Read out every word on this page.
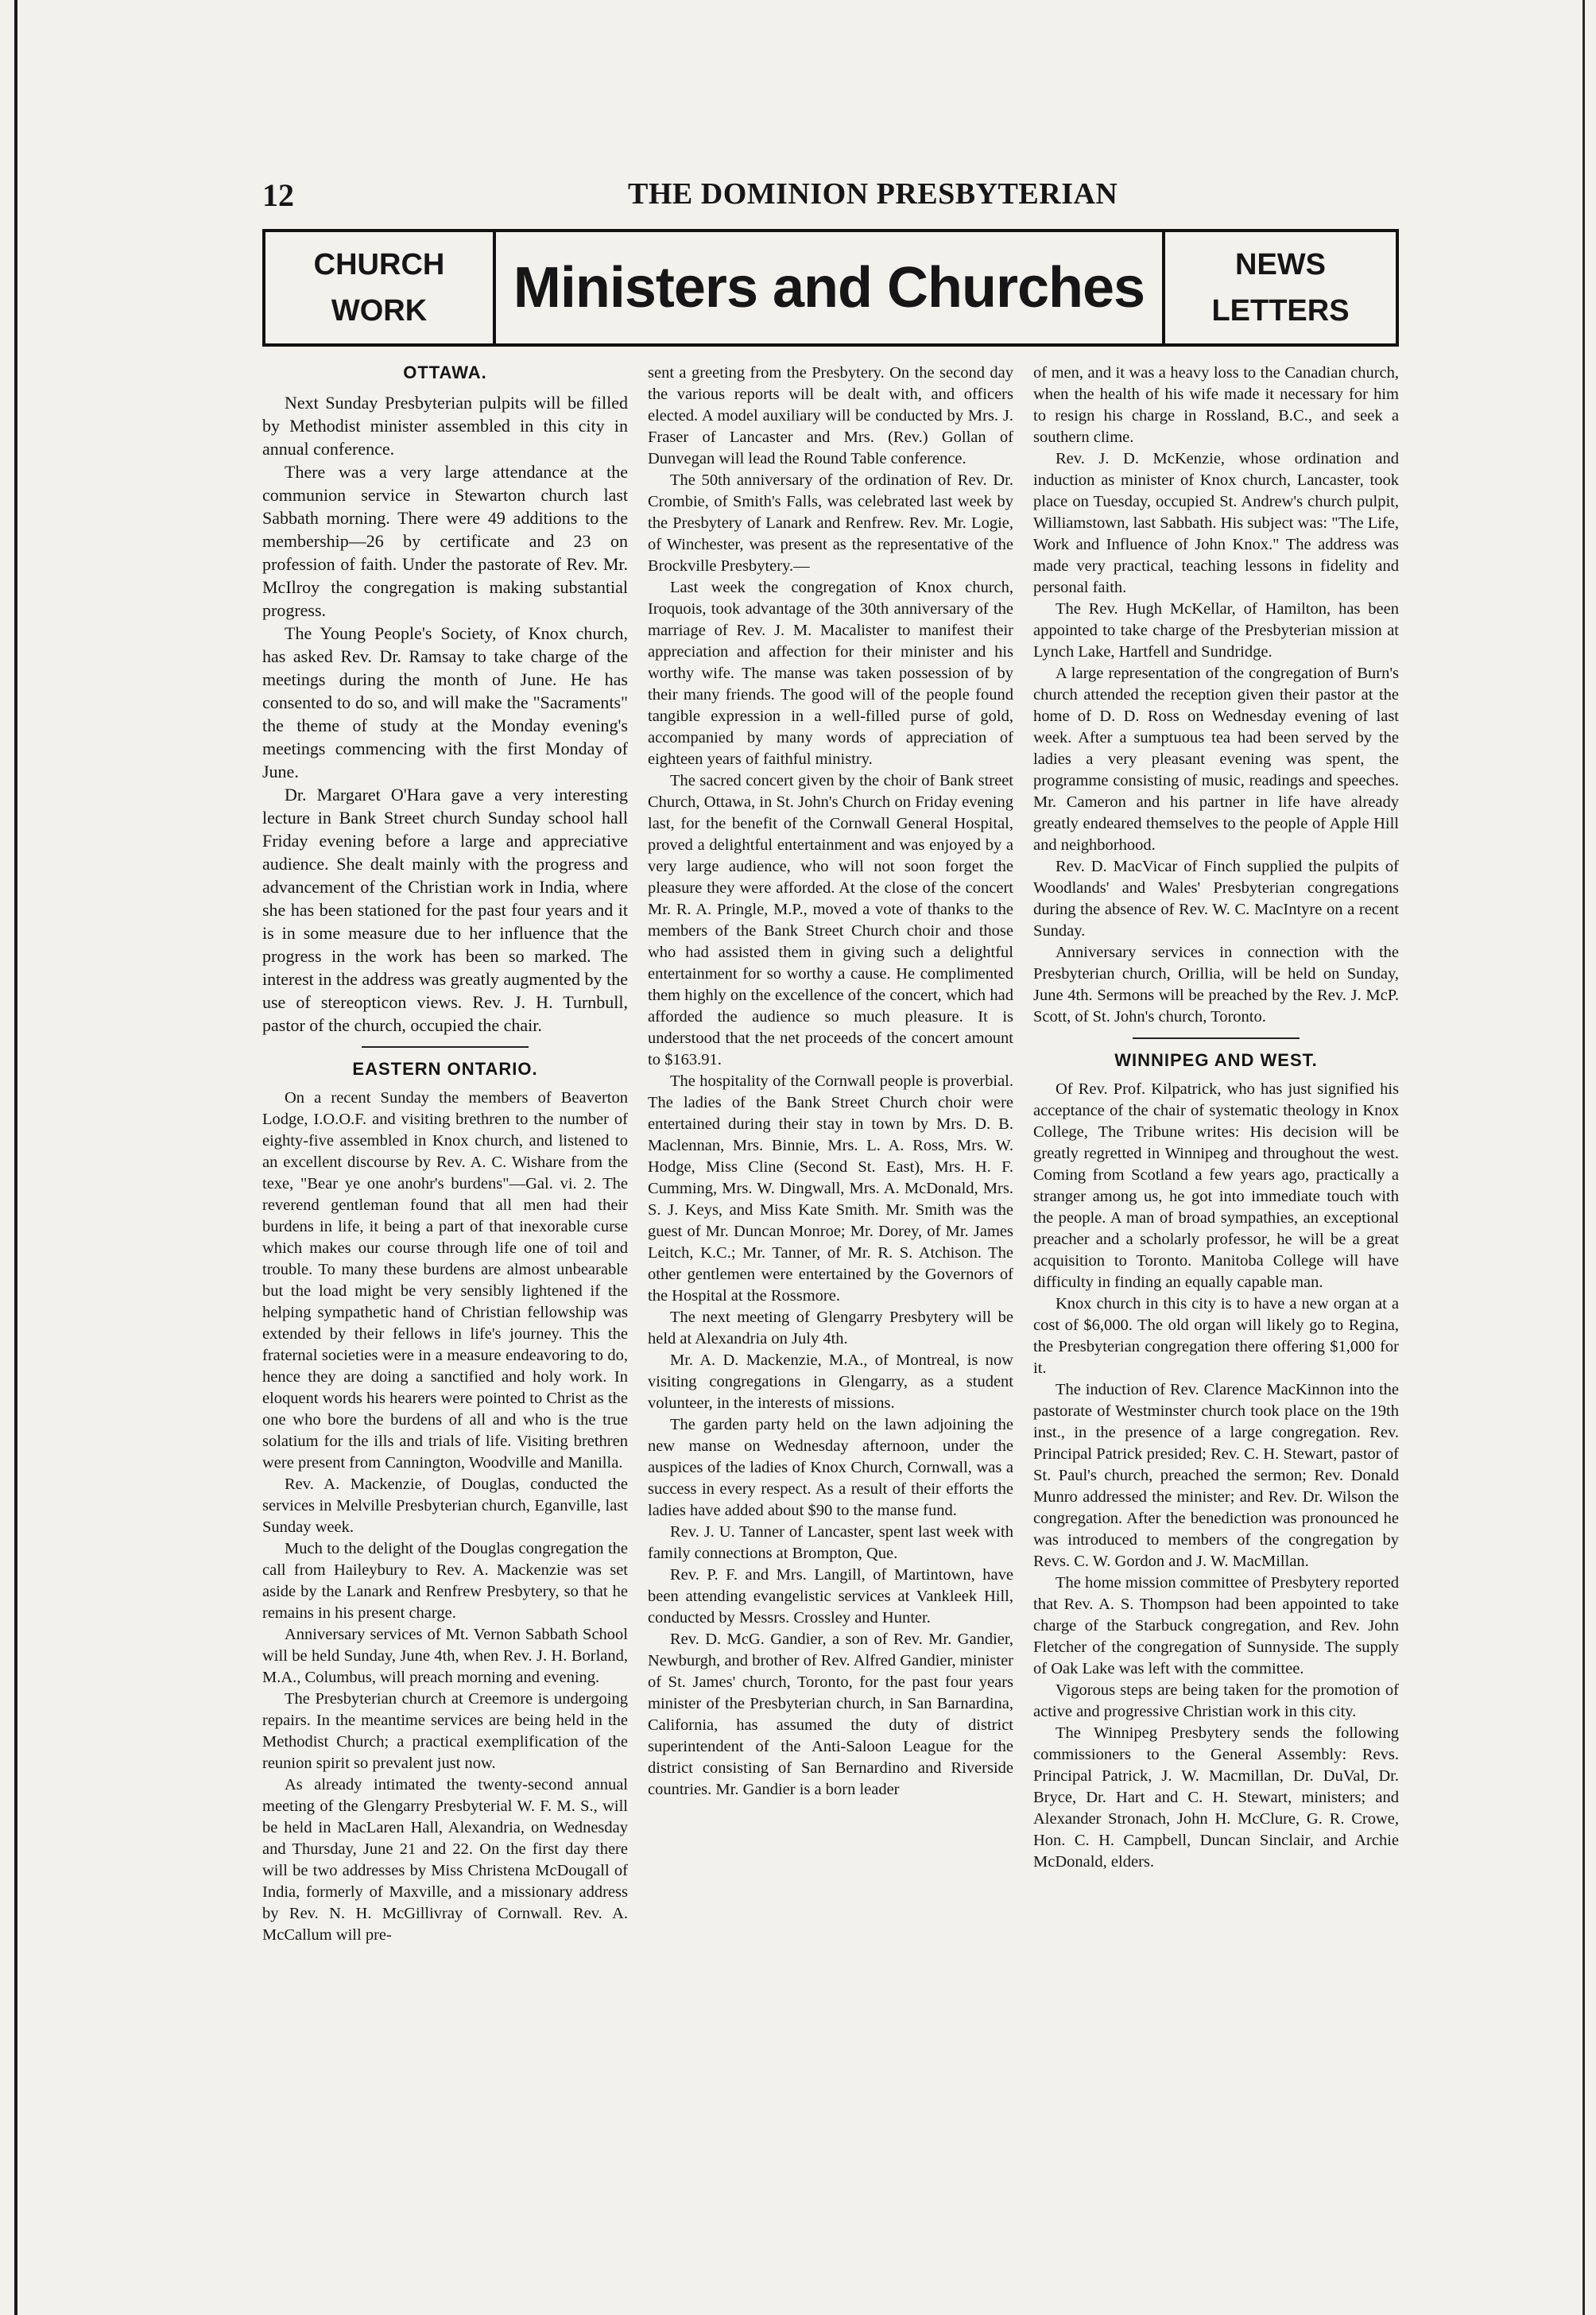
12	THE DOMINION PRESBYTERIAN
CHURCH
WORK	Ministers and Churches	NEWS
LETTERS
OTTAWA.

Next Sunday Presbyterian pulpits will be filled by Methodist minister assembled in this city in annual conference.

There was a very large attendance at the communion service in Stewarton church last Sabbath morning. There were 49 additions to the membership—26 by certificate and 23 on profession of faith. Under the pastorate of Rev. Mr. McIlroy the congregation is making substantial progress.

The Young People's Society, of Knox church, has asked Rev. Dr. Ramsay to take charge of the meetings during the month of June. He has consented to do so, and will make the "Sacraments" the theme of study at the Monday evening's meetings commencing with the first Monday of June.

Dr. Margaret O'Hara gave a very interesting lecture in Bank Street church Sunday school hall Friday evening before a large and appreciative audience. She dealt mainly with the progress and advancement of the Christian work in India, where she has been stationed for the past four years and it is in some measure due to her influence that the progress in the work has been so marked. The interest in the address was greatly augmented by the use of stereopticon views. Rev. J. H. Turnbull, pastor of the church, occupied the chair.

EASTERN ONTARIO.

On a recent Sunday the members of Beaverton Lodge, I.O.O.F. and visiting brethren to the number of eighty-five assembled in Knox church, and listened to an excellent discourse by Rev. A. C. Wishare from the texe, "Bear ye one anohr's burdens"—Gal. vi. 2. The reverend gentleman found that all men had their burdens in life, it being a part of that inexorable curse which makes our course through life one of toil and trouble. To many these burdens are almost unbearable but the load might be very sensibly lightened if the helping sympathetic hand of Christian fellowship was extended by their fellows in life's journey. This the fraternal societies were in a measure endeavoring to do, hence they are doing a sanctified and holy work. In eloquent words his hearers were pointed to Christ as the one who bore the burdens of all and who is the true solatium for the ills and trials of life. Visiting brethren were present from Cannington, Woodville and Manilla.

Rev. A. Mackenzie, of Douglas, conducted the services in Melville Presbyterian church, Eganville, last Sunday week.

Much to the delight of the Douglas congregation the call from Haileybury to Rev. A. Mackenzie was set aside by the Lanark and Renfrew Presbytery, so that he remains in his present charge.

Anniversary services of Mt. Vernon Sabbath School will be held Sunday, June 4th, when Rev. J. H. Borland, M.A., Columbus, will preach morning and evening.

The Presbyterian church at Creemore is undergoing repairs. In the meantime services are being held in the Methodist Church; a practical exemplification of the reunion spirit so prevalent just now.

As already intimated the twenty-second annual meeting of the Glengarry Presbyterial W. F. M. S., will be held in MacLaren Hall, Alexandria, on Wednesday and Thursday, June 21 and 22. On the first day there will be two addresses by Miss Christena McDougall of India, formerly of Maxville, and a missionary address by Rev. N. H. McGillivray of Cornwall. Rev. A. McCallum will pre-

sent a greeting from the Presbytery. On the second day the various reports will be dealt with, and officers elected. A model auxiliary will be conducted by Mrs. J. Fraser of Lancaster and Mrs. (Rev.) Gollan of Dunvegan will lead the Round Table conference.

The 50th anniversary of the ordination of Rev. Dr. Crombie, of Smith's Falls, was celebrated last week by the Presbytery of Lanark and Renfrew. Rev. Mr. Logie, of Winchester, was present as the representative of the Brockville Presbytery.—

Last week the congregation of Knox church, Iroquois, took advantage of the 30th anniversary of the marriage of Rev. J. M. Macalister to manifest their appreciation and affection for their minister and his worthy wife. The manse was taken possession of by their many friends. The good will of the people found tangible expression in a well-filled purse of gold, accompanied by many words of appreciation of eighteen years of faithful ministry.

The sacred concert given by the choir of Bank street Church, Ottawa, in St. John's Church on Friday evening last, for the benefit of the Cornwall General Hospital, proved a delightful entertainment and was enjoyed by a very large audience, who will not soon forget the pleasure they were afforded. At the close of the concert Mr. R. A. Pringle, M.P., moved a vote of thanks to the members of the Bank Street Church choir and those who had assisted them in giving such a delightful entertainment for so worthy a cause. He complimented them highly on the excellence of the concert, which had afforded the audience so much pleasure. It is understood that the net proceeds of the concert amount to $163.91.

The hospitality of the Cornwall people is proverbial. The ladies of the Bank Street Church choir were entertained during their stay in town by Mrs. D. B. Maclennan, Mrs. Binnie, Mrs. L. A. Ross, Mrs. W. Hodge, Miss Cline (Second St. East), Mrs. H. F. Cumming, Mrs. W. Dingwall, Mrs. A. McDonald, Mrs. S. J. Keys, and Miss Kate Smith. Mr. Smith was the guest of Mr. Duncan Monroe; Mr. Dorey, of Mr. James Leitch, K.C.; Mr. Tanner, of Mr. R. S. Atchison. The other gentlemen were entertained by the Governors of the Hospital at the Rossmore.

The next meeting of Glengarry Presbytery will be held at Alexandria on July 4th.

Mr. A. D. Mackenzie, M.A., of Montreal, is now visiting congregations in Glengarry, as a student volunteer, in the interests of missions.

The garden party held on the lawn adjoining the new manse on Wednesday afternoon, under the auspices of the ladies of Knox Church, Cornwall, was a success in every respect. As a result of their efforts the ladies have added about $90 to the manse fund.

Rev. J. U. Tanner of Lancaster, spent last week with family connections at Brompton, Que.

Rev. P. F. and Mrs. Langill, of Martintown, have been attending evangelistic services at Vankleek Hill, conducted by Messrs. Crossley and Hunter.

Rev. D. McG. Gandier, a son of Rev. Mr. Gandier, Newburgh, and brother of Rev. Alfred Gandier, minister of St. James' church, Toronto, for the past four years minister of the Presbyterian church, in San Barnardina, California, has assumed the duty of district superintendent of the Anti-Saloon League for the district consisting of San Bernardino and Riverside countries. Mr. Gandier is a born leader

of men, and it was a heavy loss to the Canadian church, when the health of his wife made it necessary for him to resign his charge in Rossland, B.C., and seek a southern clime.

Rev. J. D. McKenzie, whose ordination and induction as minister of Knox church, Lancaster, took place on Tuesday, occupied St. Andrew's church pulpit, Williamstown, last Sabbath. His subject was: "The Life, Work and Influence of John Knox." The address was made very practical, teaching lessons in fidelity and personal faith.

The Rev. Hugh McKellar, of Hamilton, has been appointed to take charge of the Presbyterian mission at Lynch Lake, Hartfell and Sundridge.

A large representation of the congregation of Burn's church attended the reception given their pastor at the home of D. D. Ross on Wednesday evening of last week. After a sumptuous tea had been served by the ladies a very pleasant evening was spent, the programme consisting of music, readings and speeches. Mr. Cameron and his partner in life have already greatly endeared themselves to the people of Apple Hill and neighborhood.

Rev. D. MacVicar of Finch supplied the pulpits of Woodlands' and Wales' Presbyterian congregations during the absence of Rev. W. C. MacIntyre on a recent Sunday.

Anniversary services in connection with the Presbyterian church, Orillia, will be held on Sunday, June 4th. Sermons will be preached by the Rev. J. McP. Scott, of St. John's church, Toronto.

WINNIPEG AND WEST.

Of Rev. Prof. Kilpatrick, who has just signified his acceptance of the chair of systematic theology in Knox College, The Tribune writes: His decision will be greatly regretted in Winnipeg and throughout the west. Coming from Scotland a few years ago, practically a stranger among us, he got into immediate touch with the people. A man of broad sympathies, an exceptional preacher and a scholarly professor, he will be a great acquisition to Toronto. Manitoba College will have difficulty in finding an equally capable man.

Knox church in this city is to have a new organ at a cost of $6,000. The old organ will likely go to Regina, the Presbyterian congregation there offering $1,000 for it.

The induction of Rev. Clarence MacKinnon into the pastorate of Westminster church took place on the 19th inst., in the presence of a large congregation. Rev. Principal Patrick presided; Rev. C. H. Stewart, pastor of St. Paul's church, preached the sermon; Rev. Donald Munro addressed the minister; and Rev. Dr. Wilson the congregation. After the benediction was pronounced he was introduced to members of the congregation by Revs. C. W. Gordon and J. W. MacMillan.

The home mission committee of Presbytery reported that Rev. A. S. Thompson had been appointed to take charge of the Starbuck congregation, and Rev. John Fletcher of the congregation of Sunnyside. The supply of Oak Lake was left with the committee.

Vigorous steps are being taken for the promotion of active and progressive Christian work in this city.

The Winnipeg Presbytery sends the following commissioners to the General Assembly: Revs. Principal Patrick, J. W. Macmillan, Dr. DuVal, Dr. Bryce, Dr. Hart and C. H. Stewart, ministers; and Alexander Stronach, John H. McClure, G. R. Crowe, Hon. C. H. Campbell, Duncan Sinclair, and Archie McDonald, elders.
